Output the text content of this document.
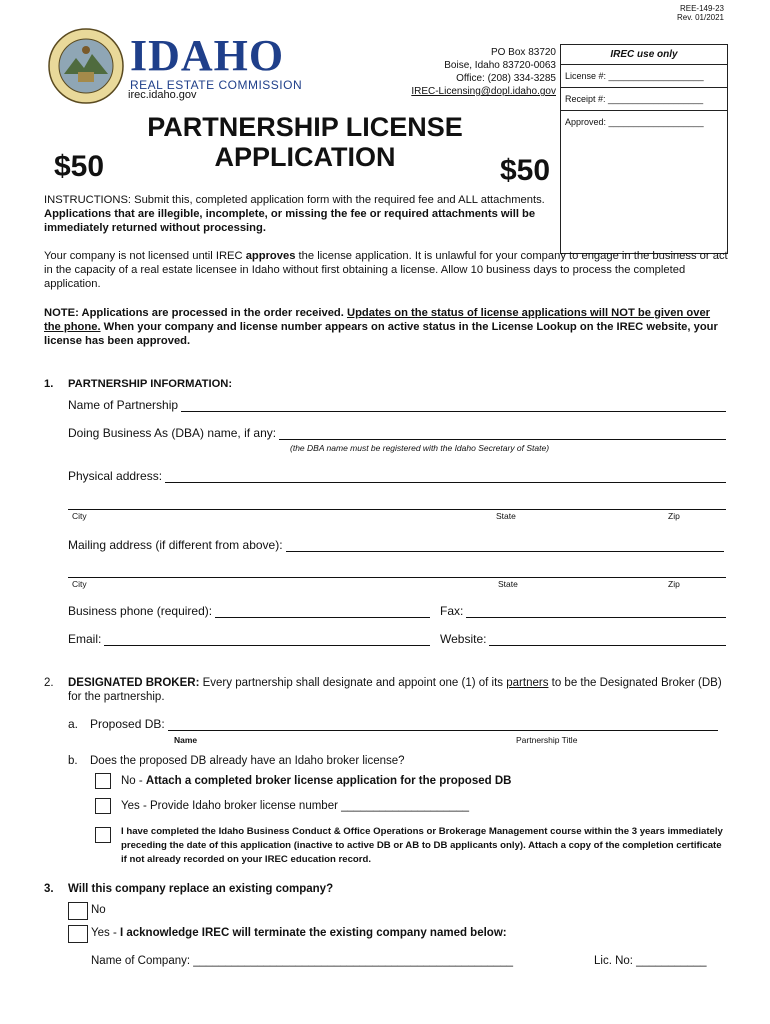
REE-149-23
Rev. 01/2021
IDAHO
REAL ESTATE COMMISSION
irec.idaho.gov
PO Box 83720
Boise, Idaho 83720-0063
Office: (208) 334-3285
IREC-Licensing@dopl.idaho.gov
IREC use only
License #: ___________________
Receipt #: ___________________
Approved: ___________________
PARTNERSHIP LICENSE
APPLICATION
$50	$50
INSTRUCTIONS: Submit this, completed application form with the required fee and ALL attachments. Applications that are illegible, incomplete, or missing the fee or required attachments will be immediately returned without processing.
Your company is not licensed until IREC approves the license application. It is unlawful for your company to engage in the business or act in the capacity of a real estate licensee in Idaho without first obtaining a license. Allow 10 business days to process the completed application.
NOTE: Applications are processed in the order received. Updates on the status of license applications will NOT be given over the phone. When your company and license number appears on active status in the License Lookup on the IREC website, your license has been approved.
1. PARTNERSHIP INFORMATION:
Name of Partnership
Doing Business As (DBA) name, if any:
(the DBA name must be registered with the Idaho Secretary of State)
Physical address:
City	State	Zip
Mailing address (if different from above):
City	State	Zip
Business phone (required):	Fax:
Email:	Website:
2. DESIGNATED BROKER: Every partnership shall designate and appoint one (1) of its partners to be the Designated Broker (DB) for the partnership.
a. Proposed DB:
Name	Partnership Title
b. Does the proposed DB already have an Idaho broker license?
No - Attach a completed broker license application for the proposed DB
Yes - Provide Idaho broker license number ____________________
I have completed the Idaho Business Conduct & Office Operations or Brokerage Management course within the 3 years immediately preceding the date of this application (inactive to active DB or AB to DB applicants only). Attach a copy of the completion certificate if not already recorded on your IREC education record.
3. Will this company replace an existing company?
No
Yes - I acknowledge IREC will terminate the existing company named below:
Name of Company: __________________________________________________	Lic. No: ___________
